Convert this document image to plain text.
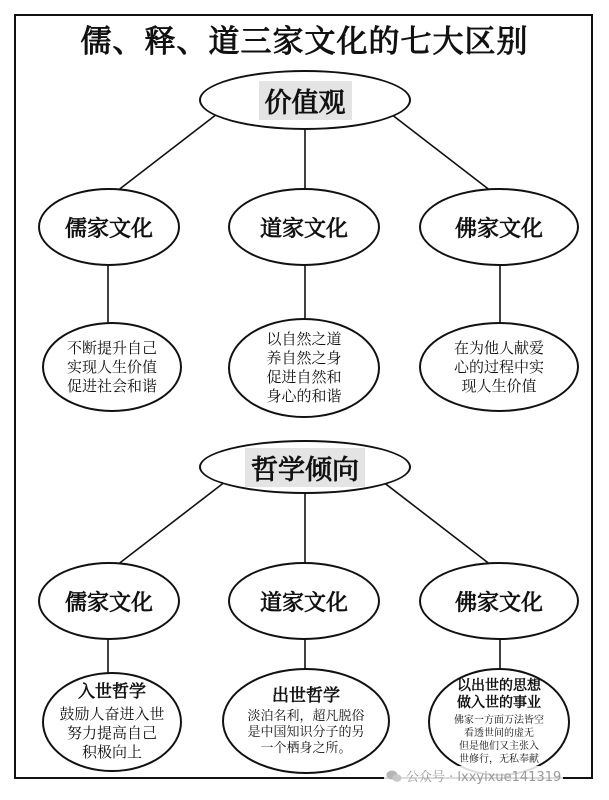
儒、释、道三家文化的七大区别
价值观
儒家文化	道家文化	佛家文化
不断提升自己
实现人生价值
促进社会和谐
以自然之道
养自然之身
促进自然和
身心的和谐
在为他人献爱
心的过程中实
现人生价值
哲学倾向
儒家文化	道家文化	佛家文化
入世哲学
鼓励人奋进入世
努力提高自己
积极向上
出世哲学
淡泊名利，超凡脱俗
是中国知识分子的另
一个栖身之所。
以出世的思想
做入世的事业
佛家一方面万法皆空
看透世间的虚无
但是他们又主张入
世修行，无私奉献
公众号 · lxxyixue141319
